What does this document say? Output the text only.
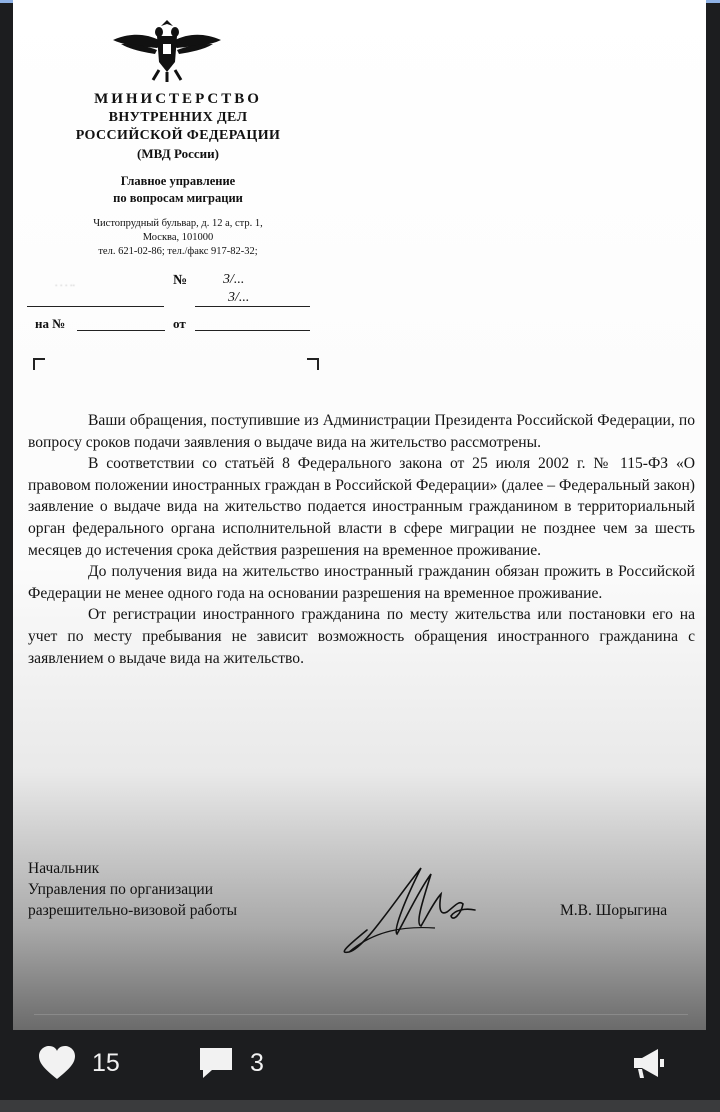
МИНИСТЕРСТВО
ВНУТРЕННИХ ДЕЛ
РОССИЙСКОЙ ФЕДЕРАЦИИ
(МВД России)
Главное управление
по вопросам миграции
Чистопрудный бульвар, д. 12 а, стр. 1,
Москва, 101000
тел. 621-02-86; тел./факс 917-82-32;
. . . ..	№	3/...
3/...
на №	от

Ваши обращения, поступившие из Администрации Президента Российской Федерации, по вопросу сроков подачи заявления о выдаче вида на жительство рассмотрены.

В соответствии со статьёй 8 Федерального закона от 25 июля 2002 г. № 115-ФЗ «О правовом положении иностранных граждан в Российской Федерации» (далее – Федеральный закон) заявление о выдаче вида на жительство подается иностранным гражданином в территориальный орган федерального органа исполнительной власти в сфере миграции не позднее чем за шесть месяцев до истечения срока действия разрешения на временное проживание.

До получения вида на жительство иностранный гражданин обязан прожить в Российской Федерации не менее одного года на основании разрешения на временное проживание.

От регистрации иностранного гражданина по месту жительства или постановки его на учет по месту пребывания не зависит возможность обращения иностранного гражданина с заявлением о выдаче вида на жительство.

Начальник
Управления по организации
разрешительно-визовой работы	М.В. Шорыгина
15	3
